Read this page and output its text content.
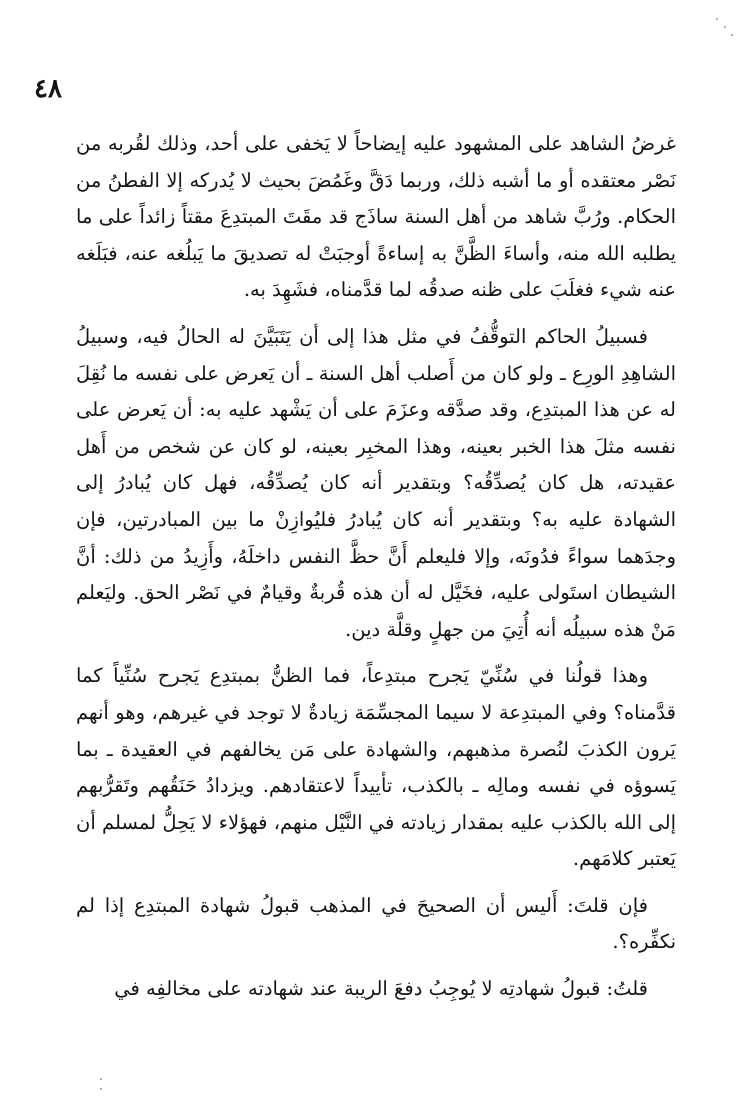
٤٨

غرضُ الشاهد على المشهود عليه إيضاحاً لا يَخفى على أحد، وذلك لقُربه من نَصْر معتقده أو ما أشبه ذلك، وربما دَقَّ وغَمُضَ بحيث لا يُدركه إلا الفطنُ من الحكام. ورُبَّ شاهد من أهل السنة ساذَج قد مقَتَ المبتدِعَ مقتاً زائداً على ما يطلبه الله منه، وأساءَ الظَّنَّ به إساءةً أوجبَتْ له تصديقَ ما يَبلُغه عنه، فبَلَغه عنه شيء فغلَبَ على ظنه صدقُه لما قدَّمناه، فشَهِدَ به.

فسبيلُ الحاكم التوقُّفُ في مثل هذا إلى أن يَتَبَيَّنَ له الحالُ فيه، وسبيلُ الشاهِدِ الورِع ـ ولو كان من أَصلب أهل السنة ـ أن يَعرض على نفسه ما نُقِلَ له عن هذا المبتدِع، وقد صدَّقه وعزَمَ على أن يَشْهد عليه به: أن يَعرض على نفسه مثلَ هذا الخبر بعينه، وهذا المخبِر بعينه، لو كان عن شخص من أَهل عقيدته، هل كان يُصدِّقُه؟ وبتقدير أنه كان يُصدِّقُه، فهل كان يُبادرُ إلى الشهادة عليه به؟ وبتقدير أنه كان يُبادرُ فليُوازِنْ ما بين المبادرتين، فإن وجدَهما سواءً فدُونَه، وإلا فليعلم أَنَّ حظَّ النفس داخلَهُ، وأَزِيدُ من ذلك: أنَّ الشيطان استَولى عليه، فخَيَّل له أن هذه قُربةٌ وقيامٌ في نَصْر الحق. وليَعلم مَنْ هذه سبيلُه أنه أُتِيَ من جهلٍ وقلَّة دين.

وهذا قولُنا في سُنِّيّ يَجرح مبتدِعاً، فما الظنُّ بمبتدِع يَجرح سُنِّياً كما قدَّمناه؟ وفي المبتدِعة لا سيما المجسِّمَة زيادةٌ لا توجد في غيرهم، وهو أنهم يَرون الكذبَ لنُصرة مذهبهم، والشهادة على مَن يخالفهم في العقيدة ـ بما يَسوؤه في نفسه ومالِه ـ بالكذب، تأييداً لاعتقادهم. ويزدادُ حَنَقُهم وتَقرُّبهم إلى الله بالكذب عليه بمقدار زيادته في النَّيْل منهم، فهؤلاء لا يَحِلُّ لمسلم أن يَعتبر كلامَهم.

فإن قلتَ: أَليس أن الصحيحَ في المذهب قبولُ شهادة المبتدِع إذا لم نكفِّره؟.

قلتُ: قبولُ شهادتِه لا يُوجِبُ دفعَ الريبة عند شهادته على مخالفِه في
